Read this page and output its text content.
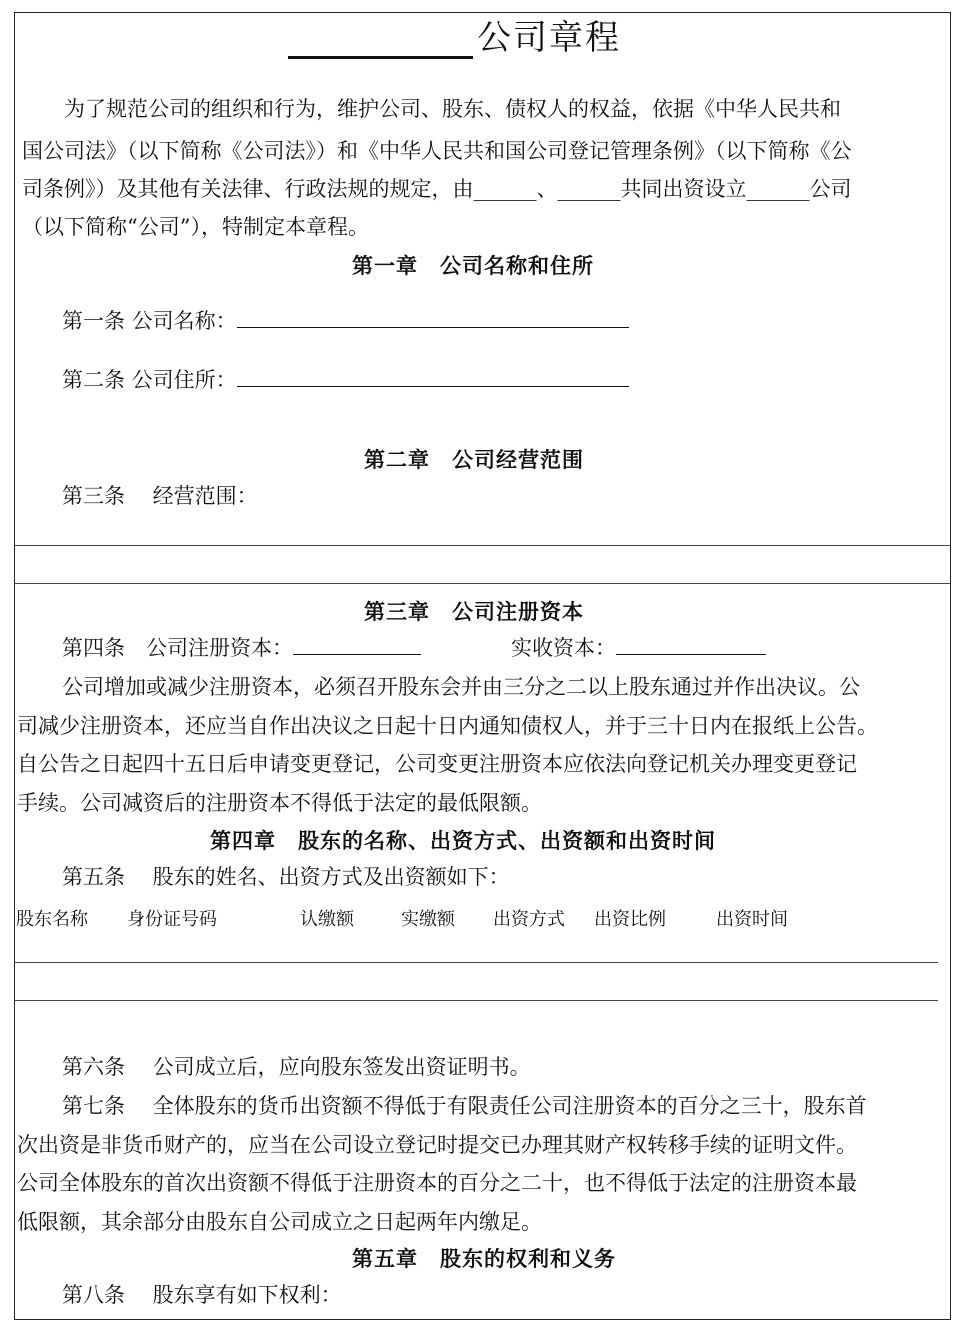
公司章程
为了规范公司的组织和行为，维护公司、股东、债权人的权益，依据《中华人民共和
国公司法》（以下简称《公司法》）和《中华人民共和国公司登记管理条例》（以下简称《公
司条例》）及其他有关法律、行政法规的规定，由______、______共同出资设立______公司
（以下简称“公司”），特制定本章程。
第一章　公司名称和住所
第一条 公司名称：
第二条 公司住所：
第二章　公司经营范围
第三条　 经营范围：
第三章　公司注册资本
第四条　公司注册资本：	实收资本：
公司增加或减少注册资本，必须召开股东会并由三分之二以上股东通过并作出决议。公
司减少注册资本，还应当自作出决议之日起十日内通知债权人，并于三十日内在报纸上公告。
自公告之日起四十五日后申请变更登记，公司变更注册资本应依法向登记机关办理变更登记
手续。公司减资后的注册资本不得低于法定的最低限额。
第四章　股东的名称、出资方式、出资额和出资时间
第五条　 股东的姓名、出资方式及出资额如下：
股东名称 身份证号码	认缴额	实缴额 出资方式 出资比例	出资时间
第六条　 公司成立后，应向股东签发出资证明书。
第七条　 全体股东的货币出资额不得低于有限责任公司注册资本的百分之三十，股东首
次出资是非货币财产的，应当在公司设立登记时提交已办理其财产权转移手续的证明文件。
公司全体股东的首次出资额不得低于注册资本的百分之二十，也不得低于法定的注册资本最
低限额，其余部分由股东自公司成立之日起两年内缴足。
第五章　股东的权利和义务
第八条　 股东享有如下权利：
